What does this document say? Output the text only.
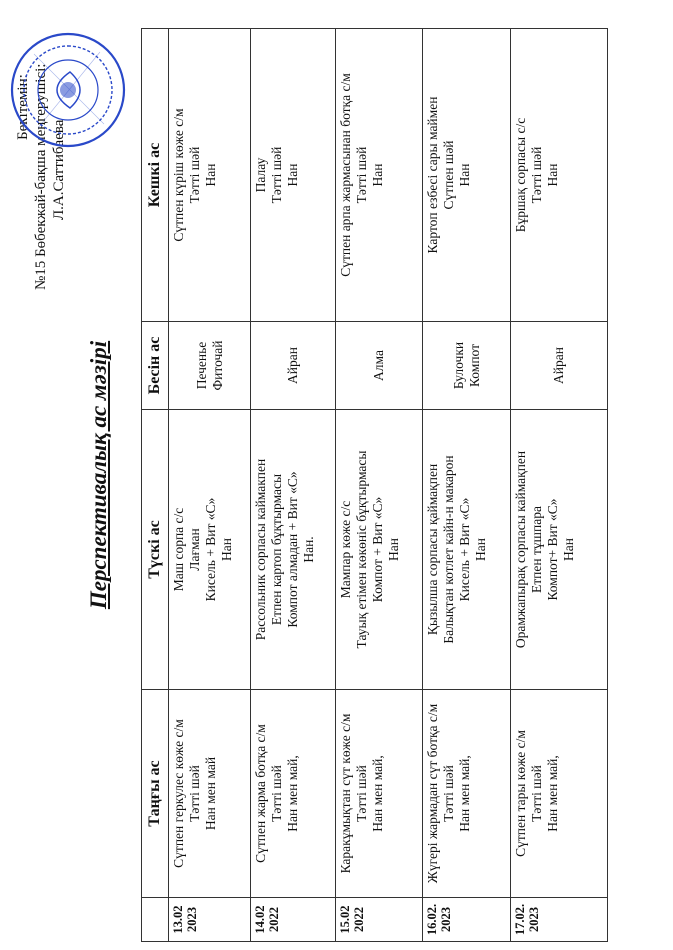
Бекітемін: №15 Бөбекжай-бақша меңгерушісі: Л.А.Саттибаева
Перспективалық ас мәзірі
	Таңғы ас	Түскі ас	Бесін ас	Кешкі ас
13.02 2023	Сүтпен геркулес көже с/м Тәтті шәй Нан мен май	Маш сорпа с/с Лағман Кисель + Вит «С» Нан	Печенье Фиточай	Сүтпен күріш көже с/м Тәтті шәй Нан

14.02 2022	Сүтпен жарма ботқа с/м Тәтті шәй Нан мен май,	Рассольник сорпасы каймакпен Етпен картоп бұқтырмасы Компот алмадан + Вит «С» Нан.	Айран	Палау Тәтті шәй Нан

15.02 2022	Каракұмықтан сүт көже с/м Тәтті шәй Нан мен май,	Мампар көже с/с Тауық етімен көкөніс бұқтырмасы Компот + Вит «С» Нан	Алма	Сүтпен арпа жармасынан ботқа с/м Тәтті шәй Нан

16.02. 2023	Жүгері жармадан сүт ботқа с/м Тәтті шәй Нан мен май,	Қызылша сорпасы қаймақпен Балықтан котлет кайн-н макарон Кисель + Вит «С» Нан	Булочки Компот	Картоп езбесі сары маймен Сүтпен шәй Нан

17.02. 2023	Сүтпен тары көже с/м Тәтті шәй Нан мен май,	Орамжапырақ сорпасы каймақпен Етпен тұшпара Компот+ Вит «С» Нан	Айран	Бұршақ сорпасы с/с Тәтті шәй Нан
